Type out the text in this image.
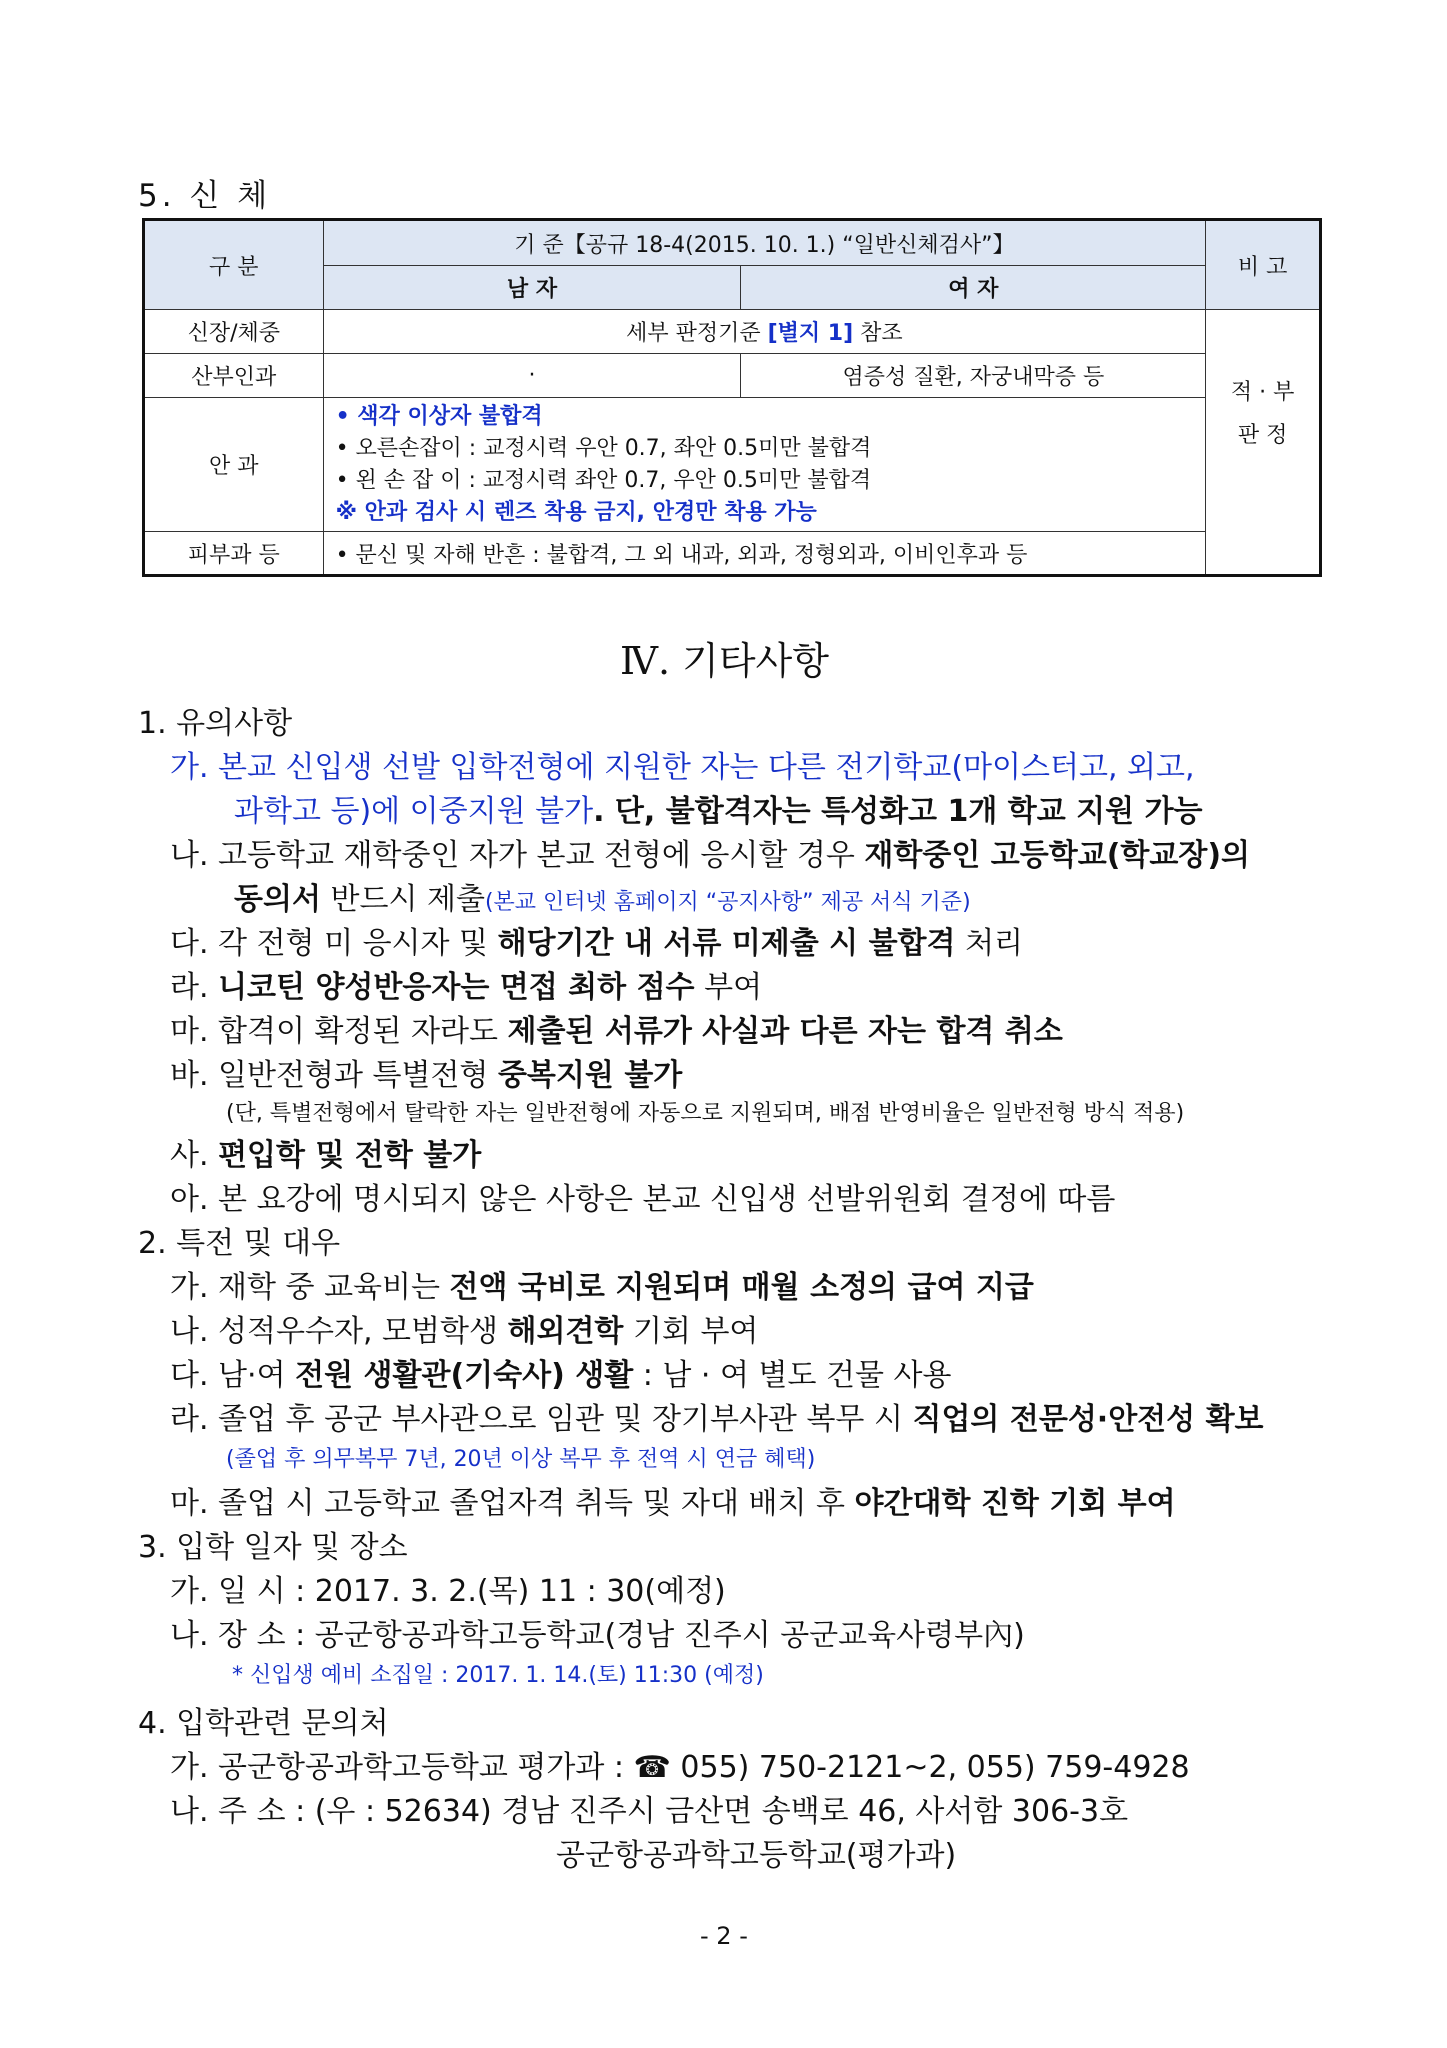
5. 신 체
구 분	기 준【공규 18-4(2015. 10. 1.) “일반신체검사”】		비 고
	남 자	여 자	
신장/체중	세부 판정기준 [별지 1] 참조		적 · 부
판 정

산부인과	·	염증성 질환, 자궁내막증 등	
안 과	• 색각 이상자 불합격
• 오른손잡이 : 교정시력 우안 0.7, 좌안 0.5미만 불합격
• 왼 손 잡 이 : 교정시력 좌안 0.7, 우안 0.5미만 불합격
※ 안과 검사 시 렌즈 착용 금지, 안경만 착용 가능		

피부과 등	• 문신 및 자해 반흔 : 불합격, 그 외 내과, 외과, 정형외과, 이비인후과 등		
Ⅳ. 기타사항
1. 유의사항
가. 본교 신입생 선발 입학전형에 지원한 자는 다른 전기학교(마이스터고, 외고,
과학고 등)에 이중지원 불가. 단, 불합격자는 특성화고 1개 학교 지원 가능
나. 고등학교 재학중인 자가 본교 전형에 응시할 경우 재학중인 고등학교(학교장)의
동의서 반드시 제출(본교 인터넷 홈페이지 “공지사항” 제공 서식 기준)
다. 각 전형 미 응시자 및 해당기간 내 서류 미제출 시 불합격 처리
라. 니코틴 양성반응자는 면접 최하 점수 부여
마. 합격이 확정된 자라도 제출된 서류가 사실과 다른 자는 합격 취소
바. 일반전형과 특별전형 중복지원 불가
(단, 특별전형에서 탈락한 자는 일반전형에 자동으로 지원되며, 배점 반영비율은 일반전형 방식 적용)
사. 편입학 및 전학 불가
아. 본 요강에 명시되지 않은 사항은 본교 신입생 선발위원회 결정에 따름
2. 특전 및 대우
가. 재학 중 교육비는 전액 국비로 지원되며 매월 소정의 급여 지급
나. 성적우수자, 모범학생 해외견학 기회 부여
다. 남·여 전원 생활관(기숙사) 생활 : 남 · 여 별도 건물 사용
라. 졸업 후 공군 부사관으로 임관 및 장기부사관 복무 시 직업의 전문성·안전성 확보
(졸업 후 의무복무 7년, 20년 이상 복무 후 전역 시 연금 혜택)
마. 졸업 시 고등학교 졸업자격 취득 및 자대 배치 후 야간대학 진학 기회 부여
3. 입학 일자 및 장소
가. 일 시 : 2017. 3. 2.(목) 11 : 30(예정)
나. 장 소 : 공군항공과학고등학교(경남 진주시 공군교육사령부內)
* 신입생 예비 소집일 : 2017. 1. 14.(토) 11:30 (예정)
4. 입학관련 문의처
가. 공군항공과학고등학교 평가과 : ☎ 055) 750-2121~2, 055) 759-4928
나. 주 소 : (우 : 52634) 경남 진주시 금산면 송백로 46, 사서함 306-3호
공군항공과학고등학교(평가과)
- 2 -
